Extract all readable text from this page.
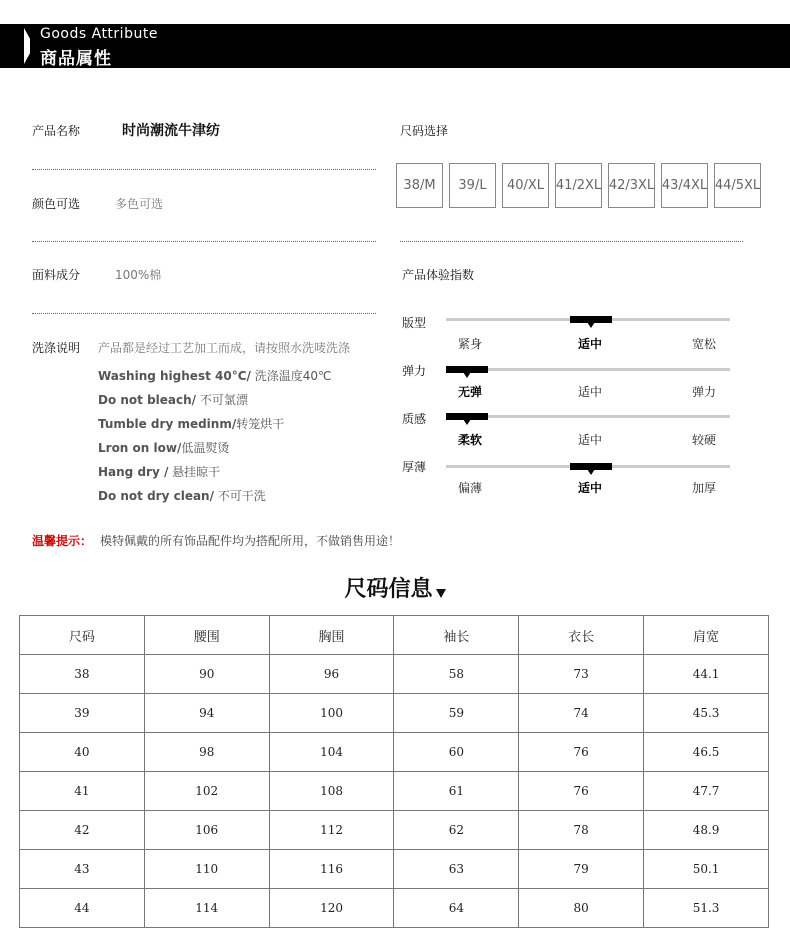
Goods Attribute
商品属性
产品名称	时尚潮流牛津纺
颜色可选	多色可选
面料成分	100%棉
洗涤说明 产品都是经过工艺加工而成，请按照水洗唛洗涤
Washing highest 40°C/ 洗涤温度40℃
Do not bleach/ 不可氯漂
Tumble dry medinm/转笼烘干
Lron on low/低温熨烫
Hang dry / 悬挂晾干
Do not dry clean/ 不可干洗
尺码选择
38/M	39/L	40/XL 41/2XL 42/3XL 43/4XL 44/5XL
产品体验指数
版型
紧身	适中	宽松
弹力
无弹	适中	弹力
质感
柔软	适中	较硬
厚薄
偏薄	适中	加厚
温馨提示： 模特佩戴的所有饰品配件均为搭配所用，不做销售用途！
尺码信息
尺码	腰围	胸围	袖长	衣长	肩宽
38	90	96	58	73	44.1
39	94	100	59	74	45.3
40	98	104	60	76	46.5
41	102	108	61	76	47.7
42	106	112	62	78	48.9
43	110	116	63	79	50.1
44	114	120	64	80	51.3
